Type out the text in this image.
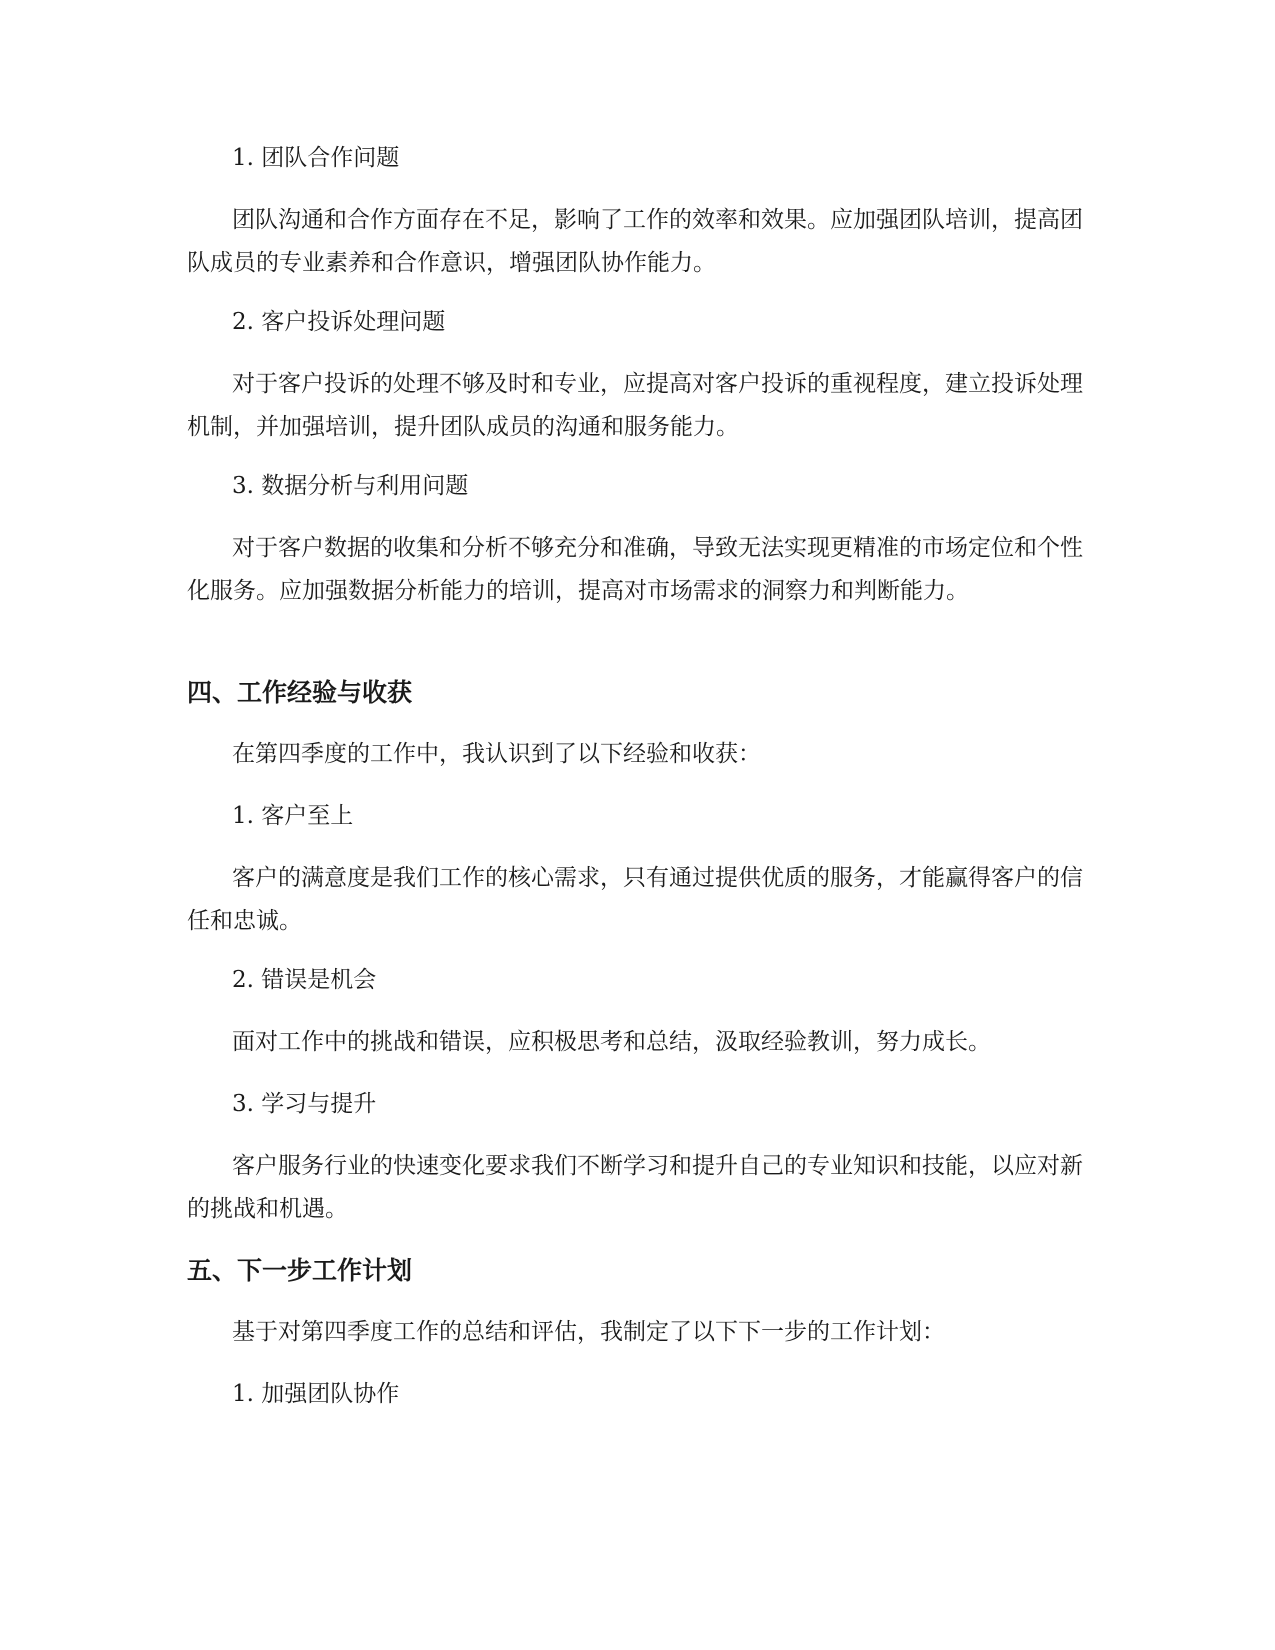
1. 团队合作问题

团队沟通和合作方面存在不足，影响了工作的效率和效果。应加强团队培训，提高团队成员的专业素养和合作意识，增强团队协作能力。

2. 客户投诉处理问题

对于客户投诉的处理不够及时和专业，应提高对客户投诉的重视程度，建立投诉处理机制，并加强培训，提升团队成员的沟通和服务能力。

3. 数据分析与利用问题

对于客户数据的收集和分析不够充分和准确，导致无法实现更精准的市场定位和个性化服务。应加强数据分析能力的培训，提高对市场需求的洞察力和判断能力。

四、工作经验与收获

在第四季度的工作中，我认识到了以下经验和收获：

1. 客户至上

客户的满意度是我们工作的核心需求，只有通过提供优质的服务，才能赢得客户的信任和忠诚。

2. 错误是机会

面对工作中的挑战和错误，应积极思考和总结，汲取经验教训，努力成长。

3. 学习与提升

客户服务行业的快速变化要求我们不断学习和提升自己的专业知识和技能，以应对新的挑战和机遇。

五、下一步工作计划

基于对第四季度工作的总结和评估，我制定了以下下一步的工作计划：

1. 加强团队协作
